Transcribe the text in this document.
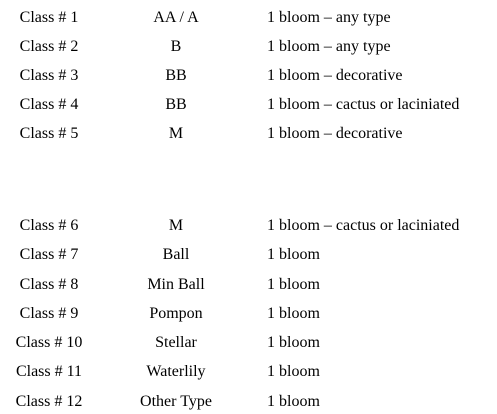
Class # 1	AA / A	1 bloom – any type
Class # 2	B	1 bloom – any type
Class # 3	BB	1 bloom – decorative
Class # 4	BB	1 bloom – cactus or laciniated
Class # 5	M	1 bloom – decorative
Class # 6	M	1 bloom – cactus or laciniated
Class # 7	Ball	1 bloom
Class # 8	Min Ball	1 bloom
Class # 9	Pompon	1 bloom
Class # 10	Stellar	1 bloom
Class # 11	Waterlily	1 bloom
Class # 12	Other Type	1 bloom
